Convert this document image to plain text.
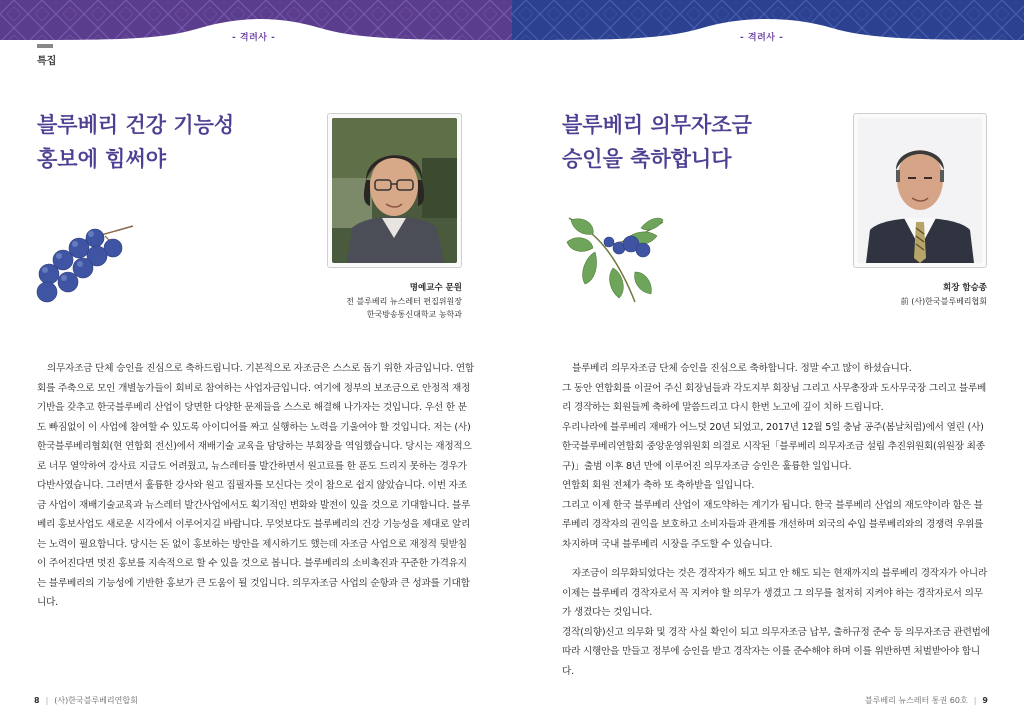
- 격려사 -	- 격려사 -
특집
블루베리 건강 기능성
홍보에 힘써야
명예교수 문원
전 블루베리 뉴스레터 편집위원장
한국방송통신대학교 농학과

의무자조금 단체 승인을 진심으로 축하드립니다. 기본적으로 자조금은 스스로 돕기 위한 자금입니다. 연합회를 주축으로 모인 개별농가들이 회비로 참여하는 사업자금입니다. 여기에 정부의 보조금으로 안정적 재정기반을 갖추고 한국블루베리 산업이 당면한 다양한 문제들을 스스로 해결해 나가자는 것입니다. 우선 한 분도 빠짐없이 이 사업에 참여할 수 있도록 아이디어를 짜고 실행하는 노력을 기울여야 할 것입니다. 저는 (사)한국블루베리협회(현 연합회 전신)에서 재배기술 교육을 담당하는 부회장을 역임했습니다. 당시는 재정적으로 너무 열악하여 강사료 지급도 어려웠고, 뉴스레터를 발간하면서 원고료를 한 푼도 드리지 못하는 경우가 다반사였습니다. 그러면서 훌륭한 강사와 원고 집필자를 모신다는 것이 참으로 쉽지 않았습니다. 이번 자조금 사업이 재배기술교육과 뉴스레터 발간사업에서도 획기적인 변화와 발전이 있을 것으로 기대합니다. 블루베리 홍보사업도 새로운 시각에서 이루어지길 바랍니다. 무엇보다도 블루베리의 건강 기능성을 제대로 알리는 노력이 필요합니다. 당시는 돈 없이 홍보하는 방안을 제시하기도 했는데 자조금 사업으로 재정적 뒷받침이 주어진다면 멋진 홍보를 지속적으로 할 수 있을 것으로 봅니다. 블루베리의 소비촉진과 꾸준한 가격유지는 블루베리의 기능성에 기반한 홍보가 큰 도움이 될 것입니다. 의무자조금 사업의 순항과 큰 성과를 기대합니다.

블루베리 의무자조금
승인을 축하합니다
회장 함승종
前 (사)한국블루베리협회

블루베리 의무자조금 단체 승인을 진심으로 축하합니다. 정말 수고 많이 하셨습니다.

그 동안 연합회를 이끌어 주신 회장님들과 각도지부 회장님 그리고 사무총장과 도사무국장 그리고 블루베리 경작하는 회원들께 축하에 말씀드리고 다시 한번 노고에 깊이 치하 드립니다.

우리나라에 블루베리 재배가 어느덧 20년 되었고, 2017년 12월 5일 충남 공주(봄날처럼)에서 열린 (사)한국블루베리연합회 중앙운영위원회 의결로 시작된「블루베리 의무자조금 설립 추진위원회(위원장 최종구)」출범 이후 8년 만에 이루어진 의무자조금 승인은 훌륭한 일입니다.

연합회 회원 전체가 축하 또 축하받을 일입니다.

그리고 이제 한국 블루베리 산업이 재도약하는 계기가 됩니다. 한국 블루베리 산업의 재도약이라 함은 블루베리 경작자의 권익을 보호하고 소비자들과 관계를 개선하며 외국의 수입 블루베리와의 경쟁력 우위를 차지하며 국내 블루베리 시장을 주도할 수 있습니다.

자조금이 의무화되었다는 것은 경작자가 해도 되고 안 해도 되는 현재까지의 블루베리 경작자가 아니라 이제는 블루베리 경작자로서 꼭 지켜야 할 의무가 생겼고 그 의무를 철저히 지켜야 하는 경작자로서 의무가 생겼다는 것입니다.

경작(의향)신고 의무화 및 경작 사실 확인이 되고 의무자조금 납부, 출하규정 준수 등 의무자조금 관련법에 따라 시행안을 만들고 정부에 승인을 받고 경작자는 이를 준수해야 하며 이를 위반하면 처벌받아야 합니다.

8 | (사)한국블루베리연합회	블루베리 뉴스레터 통권 60호 | 9
